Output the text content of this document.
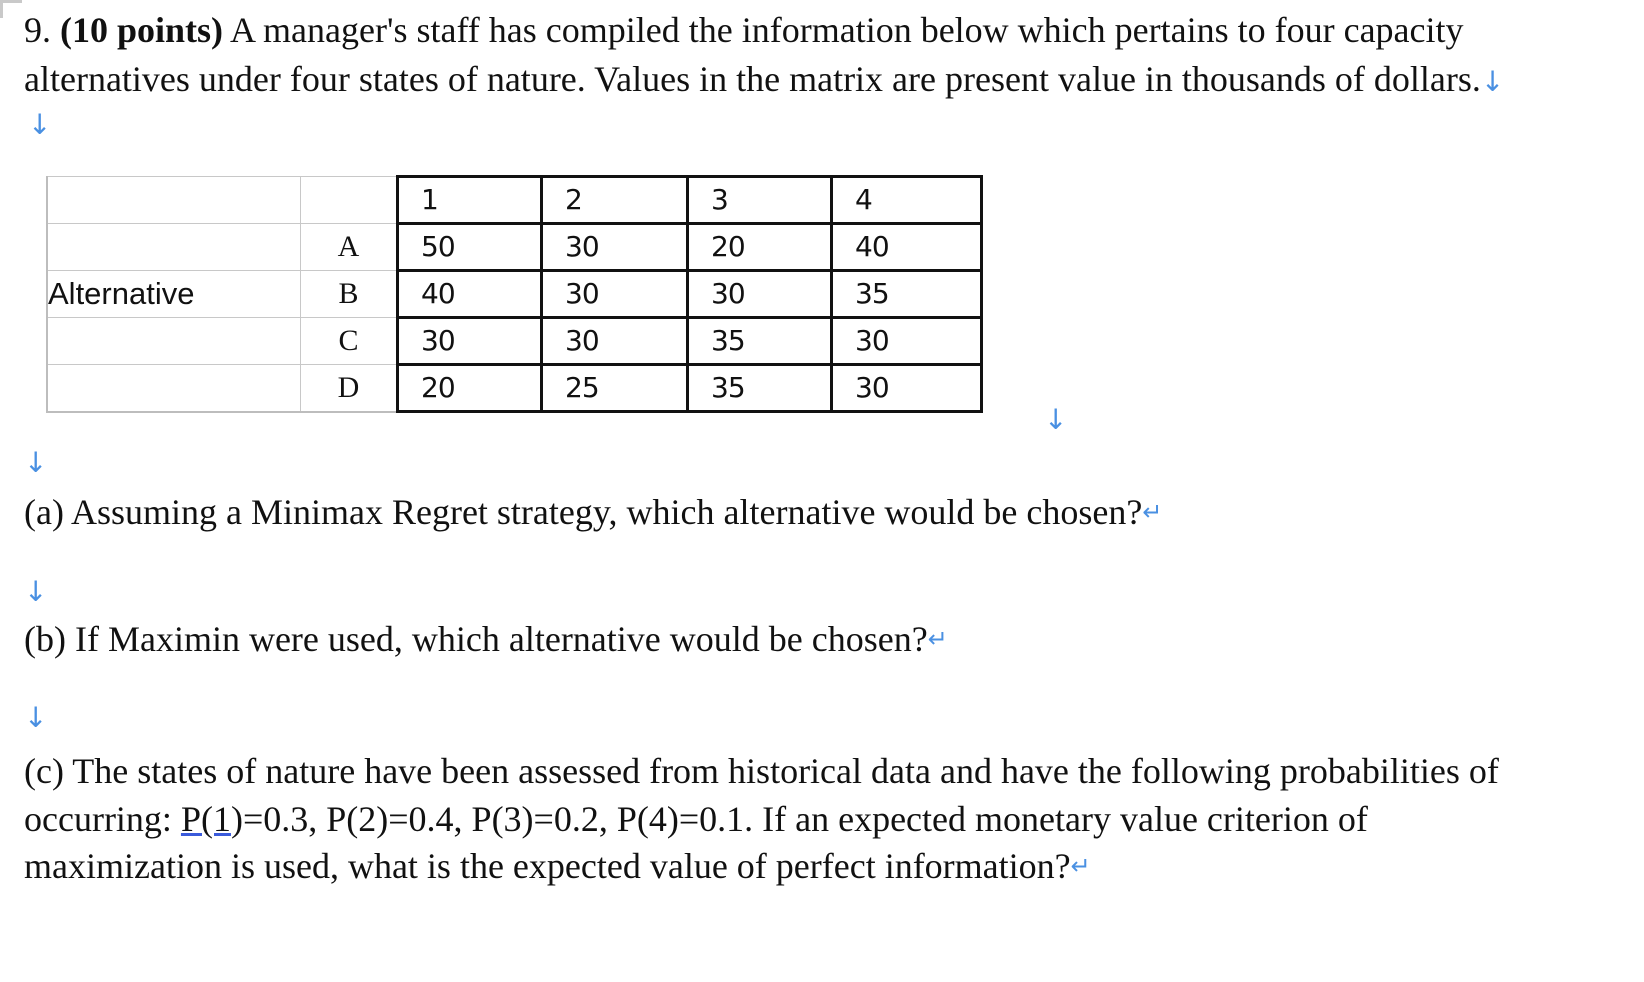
9. (10 points) A manager's staff has compiled the information below which pertains to four capacity
alternatives under four states of nature. Values in the matrix are present value in thousands of dollars.↓
↓
		1	2	3	4
	A	50	30	20	40
Alternative	B	40	30	30	35
	C	30	30	35	30
	D	20	25	35	30
↓
↓
(a) Assuming a Minimax Regret strategy, which alternative would be chosen?↵
↓
(b) If Maximin were used, which alternative would be chosen?↵
↓
(c) The states of nature have been assessed from historical data and have the following probabilities of
occurring: P(1)=0.3, P(2)=0.4, P(3)=0.2, P(4)=0.1. If an expected monetary value criterion of
maximization is used, what is the expected value of perfect information?↵
